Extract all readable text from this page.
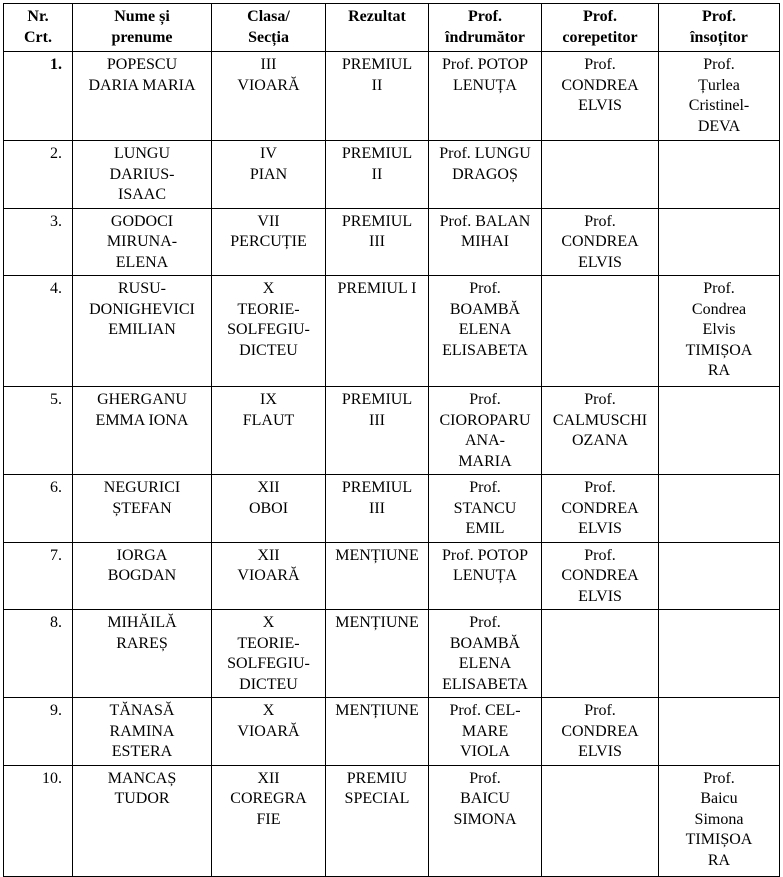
Nr.
Crt.	Nume și
prenume	Clasa/
Secția	Rezultat	Prof.
îndrumător	Prof.
corepetitor	Prof.
însoțitor

1.	POPESCU
DARIA MARIA	III
VIOARĂ	PREMIUL
II	Prof. POTOP
LENUȚA	Prof.
CONDREA
ELVIS	Prof.
Țurlea
Cristinel-
DEVA

2.	LUNGU
DARIUS-
ISAAC	IV
PIAN	PREMIUL
II	Prof. LUNGU
DRAGOȘ		

3.	GODOCI
MIRUNA-
ELENA	VII
PERCUȚIE	PREMIUL
III	Prof. BALAN
MIHAI	Prof.
CONDREA
ELVIS	

4.	RUSU-
DONIGHEVICI
EMILIAN	X
TEORIE-
SOLFEGIU-
DICTEU	PREMIUL I	Prof.
BOAMBĂ
ELENA
ELISABETA		Prof.
Condrea
Elvis
TIMIȘOA
RA

5.	GHERGANU
EMMA IONA	IX
FLAUT	PREMIUL
III	Prof.
CIOROPARU
ANA-
MARIA	Prof.
CALMUSCHI
OZANA	

6.	NEGURICI
ȘTEFAN	XII
OBOI	PREMIUL
III	Prof.
STANCU
EMIL	Prof.
CONDREA
ELVIS	

7.	IORGA
BOGDAN	XII
VIOARĂ	MENȚIUNE	Prof. POTOP
LENUȚA	Prof.
CONDREA
ELVIS	

8.	MIHĂILĂ
RAREȘ	X
TEORIE-
SOLFEGIU-
DICTEU	MENȚIUNE	Prof.
BOAMBĂ
ELENA
ELISABETA		

9.	TĂNASĂ
RAMINA
ESTERA	X
VIOARĂ	MENȚIUNE	Prof. CEL-
MARE
VIOLA	Prof.
CONDREA
ELVIS	

10.	MANCAȘ
TUDOR	XII
COREGRA
FIE	PREMIU
SPECIAL	Prof.
BAICU
SIMONA		Prof.
Baicu
Simona
TIMIȘOA
RA
